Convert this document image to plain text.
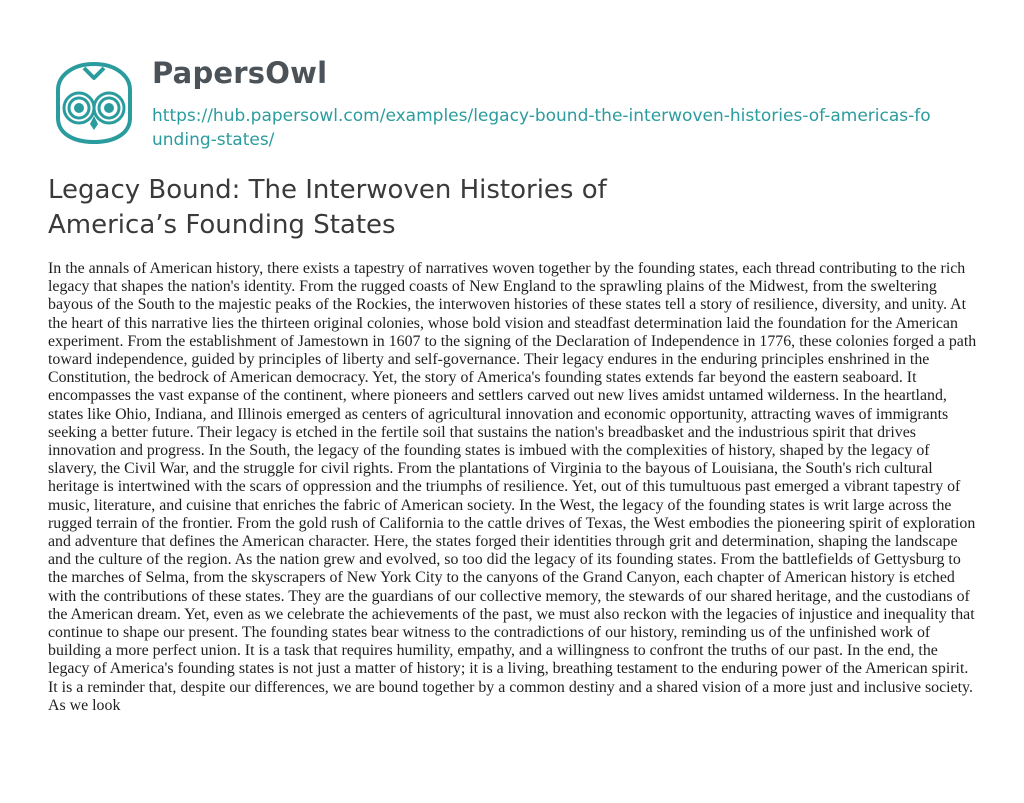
PapersOwl
https://hub.papersowl.com/examples/legacy-bound-the-interwoven-histories-of-americas-founding-states/
Legacy Bound: The Interwoven Histories of America’s Founding States

In the annals of American history, there exists a tapestry of narratives woven together by the founding states, each thread contributing to the rich legacy that shapes the nation's identity. From the rugged coasts of New England to the sprawling plains of the Midwest, from the sweltering bayous of the South to the majestic peaks of the Rockies, the interwoven histories of these states tell a story of resilience, diversity, and unity. At the heart of this narrative lies the thirteen original colonies, whose bold vision and steadfast determination laid the foundation for the American experiment. From the establishment of Jamestown in 1607 to the signing of the Declaration of Independence in 1776, these colonies forged a path toward independence, guided by principles of liberty and self-governance. Their legacy endures in the enduring principles enshrined in the Constitution, the bedrock of American democracy. Yet, the story of America's founding states extends far beyond the eastern seaboard. It encompasses the vast expanse of the continent, where pioneers and settlers carved out new lives amidst untamed wilderness. In the heartland, states like Ohio, Indiana, and Illinois emerged as centers of agricultural innovation and economic opportunity, attracting waves of immigrants seeking a better future. Their legacy is etched in the fertile soil that sustains the nation's breadbasket and the industrious spirit that drives innovation and progress. In the South, the legacy of the founding states is imbued with the complexities of history, shaped by the legacy of slavery, the Civil War, and the struggle for civil rights. From the plantations of Virginia to the bayous of Louisiana, the South's rich cultural heritage is intertwined with the scars of oppression and the triumphs of resilience. Yet, out of this tumultuous past emerged a vibrant tapestry of music, literature, and cuisine that enriches the fabric of American society. In the West, the legacy of the founding states is writ large across the rugged terrain of the frontier. From the gold rush of California to the cattle drives of Texas, the West embodies the pioneering spirit of exploration and adventure that defines the American character. Here, the states forged their identities through grit and determination, shaping the landscape and the culture of the region. As the nation grew and evolved, so too did the legacy of its founding states. From the battlefields of Gettysburg to the marches of Selma, from the skyscrapers of New York City to the canyons of the Grand Canyon, each chapter of American history is etched with the contributions of these states. They are the guardians of our collective memory, the stewards of our shared heritage, and the custodians of the American dream. Yet, even as we celebrate the achievements of the past, we must also reckon with the legacies of injustice and inequality that continue to shape our present. The founding states bear witness to the contradictions of our history, reminding us of the unfinished work of building a more perfect union. It is a task that requires humility, empathy, and a willingness to confront the truths of our past. In the end, the legacy of America's founding states is not just a matter of history; it is a living, breathing testament to the enduring power of the American spirit. It is a reminder that, despite our differences, we are bound together by a common destiny and a shared vision of a more just and inclusive society. As we look
